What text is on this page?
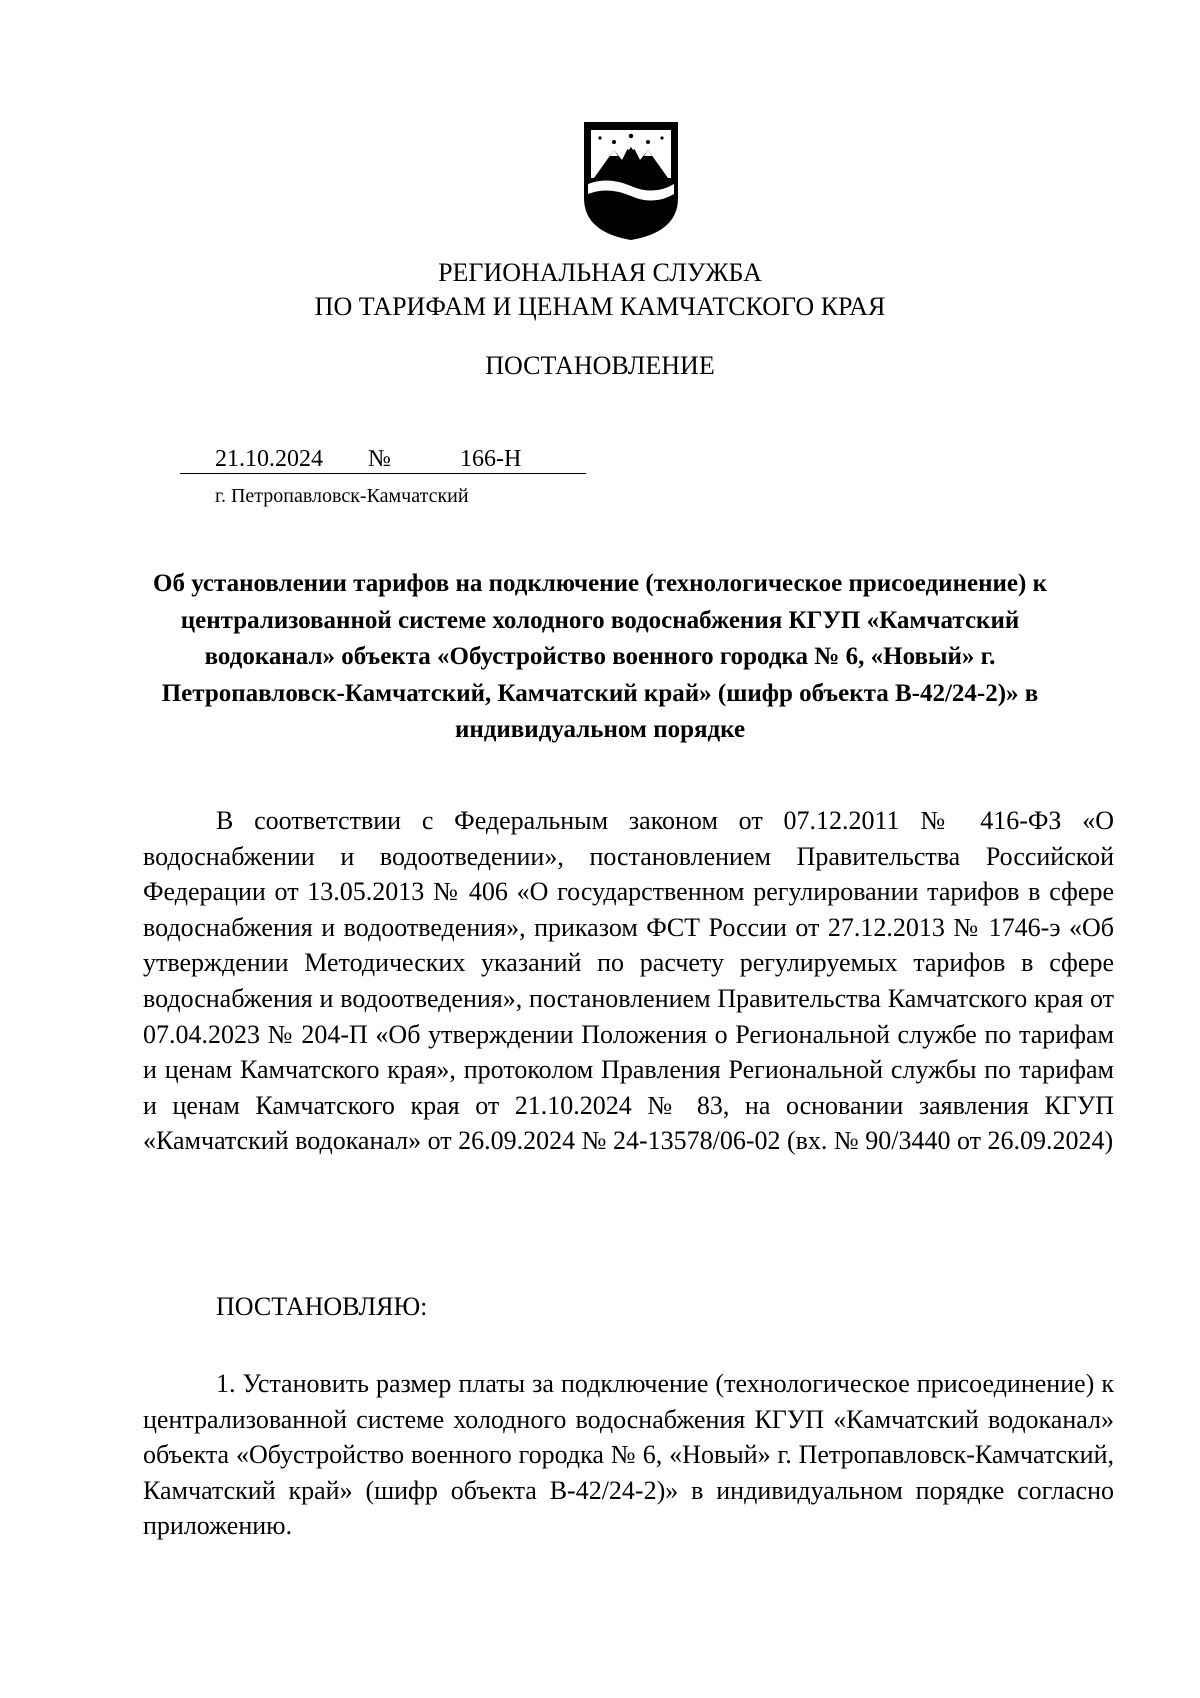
РЕГИОНАЛЬНАЯ СЛУЖБА
ПО ТАРИФАМ И ЦЕНАМ КАМЧАТСКОГО КРАЯ
ПОСТАНОВЛЕНИЕ
21.10.2024 №	166-Н
г. Петропавловск-Камчатский
Об установлении тарифов на подключение (технологическое присоединение) к централизованной системе холодного водоснабжения КГУП «Камчатский водоканал» объекта «Обустройство военного городка № 6, «Новый» г. Петропавловск-Камчатский, Камчатский край» (шифр объекта В-42/24-2)» в индивидуальном порядке

В соответствии с Федеральным законом от 07.12.2011 № 416-ФЗ «О водоснабжении и водоотведении», постановлением Правительства Российской Федерации от 13.05.2013 № 406 «О государственном регулировании тарифов в сфере водоснабжения и водоотведения», приказом ФСТ России от 27.12.2013 № 1746-э «Об утверждении Методических указаний по расчету регулируемых тарифов в сфере водоснабжения и водоотведения», постановлением Правительства Камчатского края от 07.04.2023 № 204-П «Об утверждении Положения о Региональной службе по тарифам и ценам Камчатского края», протоколом Правления Региональной службы по тарифам и ценам Камчатского края от 21.10.2024 № 83, на основании заявления КГУП «Камчатский водоканал» от 26.09.2024 № 24-13578/06-02 (вх. № 90/3440 от 26.09.2024)

ПОСТАНОВЛЯЮ:

1. Установить размер платы за подключение (технологическое присоединение) к централизованной системе холодного водоснабжения КГУП «Камчатский водоканал» объекта «Обустройство военного городка № 6, «Новый» г. Петропавловск-Камчатский, Камчатский край» (шифр объекта В-42/24-2)» в индивидуальном порядке согласно приложению.
